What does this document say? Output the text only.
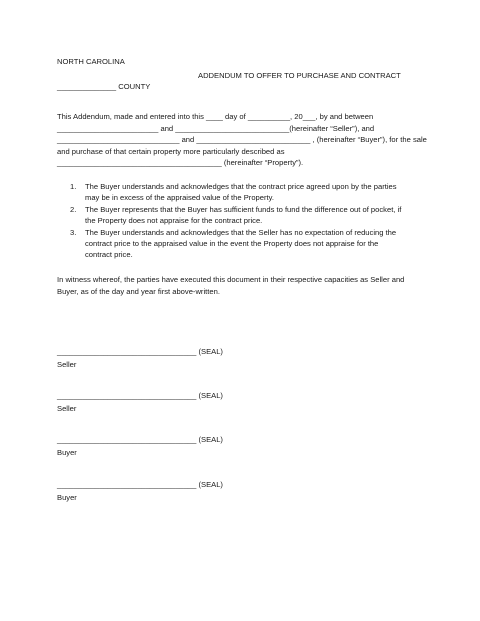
NORTH CAROLINA
ADDENDUM TO OFFER TO PURCHASE AND CONTRACT
______________ COUNTY
This Addendum, made and entered into this ____ day of __________, 20___, by and between
________________________ and ___________________________(hereinafter “Seller”), and
_____________________________ and ___________________________ , (hereinafter “Buyer”), for the sale
and purchase of that certain property more particularly described as
_______________________________________ (hereinafter “Property”).
1. The Buyer understands and acknowledges that the contract price agreed upon by the parties
may be in excess of the appraised value of the Property.
2. The Buyer represents that the Buyer has sufficient funds to fund the difference out of pocket, if
the Property does not appraise for the contract price.
3. The Buyer understands and acknowledges that the Seller has no expectation of reducing the
contract price to the appraised value in the event the Property does not appraise for the
contract price.
In witness whereof, the parties have executed this document in their respective capacities as Seller and
Buyer, as of the day and year first above-written.
_________________________________ (SEAL)
Seller
_________________________________ (SEAL)
Seller
_________________________________ (SEAL)
Buyer
_________________________________ (SEAL)
Buyer
